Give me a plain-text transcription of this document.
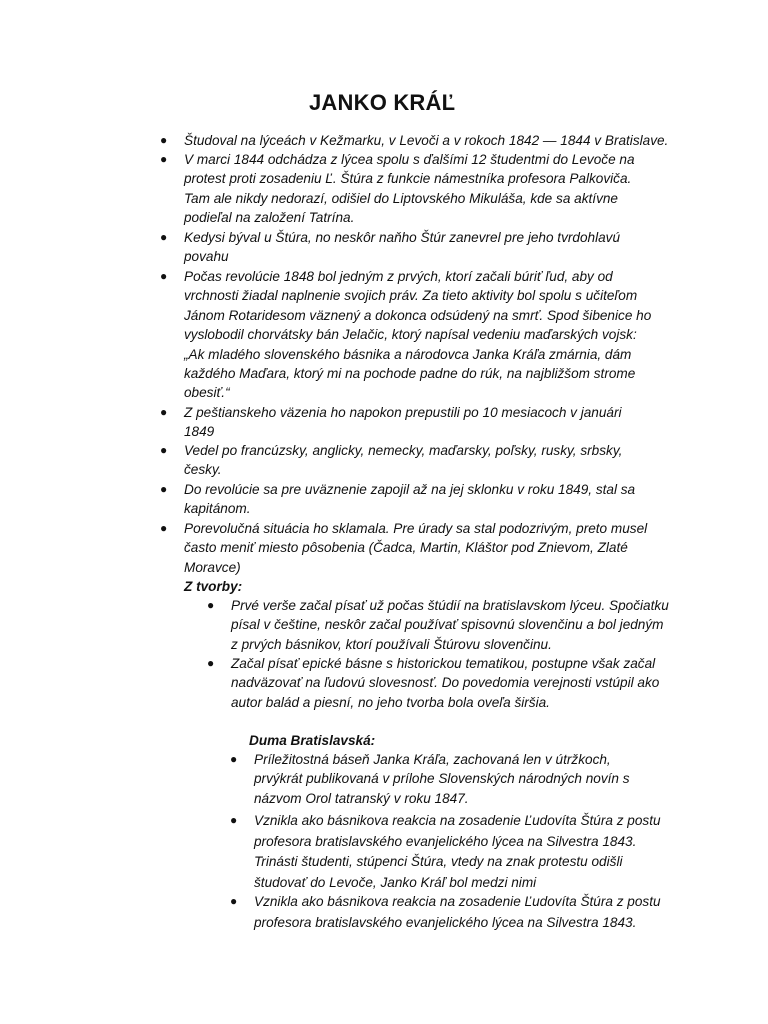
JANKO KRÁĽ
● Študoval na lýceách v Kežmarku, v Levoči a v rokoch 1842 — 1844 v Bratislave.
● V marci 1844 odchádza z lýcea spolu s ďalšími 12 študentmi do Levoče na
protest proti zosadeniu Ľ. Štúra z funkcie námestníka profesora Palkoviča.
Tam ale nikdy nedorazí, odišiel do Liptovského Mikuláša, kde sa aktívne
podieľal na založení Tatrína.
● Kedysi býval u Štúra, no neskôr naňho Štúr zanevrel pre jeho tvrdohlavú
povahu
● Počas revolúcie 1848 bol jedným z prvých, ktorí začali búriť ľud, aby od
vrchnosti žiadal naplnenie svojich práv. Za tieto aktivity bol spolu s učiteľom
Jánom Rotaridesom väznený a dokonca odsúdený na smrť. Spod šibenice ho
vyslobodil chorvátsky bán Jelačic, ktorý napísal vedeniu maďarských vojsk:
„Ak mladého slovenského básnika a národovca Janka Kráľa zmárnia, dám
každého Maďara, ktorý mi na pochode padne do rúk, na najbližšom strome
obesiť.“
● Z peštianskeho väzenia ho napokon prepustili po 10 mesiacoch v januári
1849
● Vedel po francúzsky, anglicky, nemecky, maďarsky, poľsky, rusky, srbsky,
česky.
● Do revolúcie sa pre uväznenie zapojil až na jej sklonku v roku 1849, stal sa
kapitánom.
● Porevolučná situácia ho sklamala. Pre úrady sa stal podozrivým, preto musel
často meniť miesto pôsobenia (Čadca, Martin, Kláštor pod Znievom, Zlaté
Moravce)
Z tvorby:
● Prvé verše začal písať už počas štúdií na bratislavskom lýceu. Spočiatku
písal v češtine, neskôr začal používať spisovnú slovenčinu a bol jedným
z prvých básnikov, ktorí používali Štúrovu slovenčinu.
● Začal písať epické básne s historickou tematikou, postupne však začal
nadväzovať na ľudovú slovesnosť. Do povedomia verejnosti vstúpil ako
autor balád a piesní, no jeho tvorba bola oveľa širšia.
Duma Bratislavská:
● Príležitostná báseň Janka Kráľa, zachovaná len v útržkoch,
prvýkrát publikovaná v prílohe Slovenských národných novín s
názvom Orol tatranský v roku 1847.
● Vznikla ako básnikova reakcia na zosadenie Ľudovíta Štúra z postu
profesora bratislavského evanjelického lýcea na Silvestra 1843.
Trinásti študenti, stúpenci Štúra, vtedy na znak protestu odišli
študovať do Levoče, Janko Kráľ bol medzi nimi
● Vznikla ako básnikova reakcia na zosadenie Ľudovíta Štúra z postu
profesora bratislavského evanjelického lýcea na Silvestra 1843.
